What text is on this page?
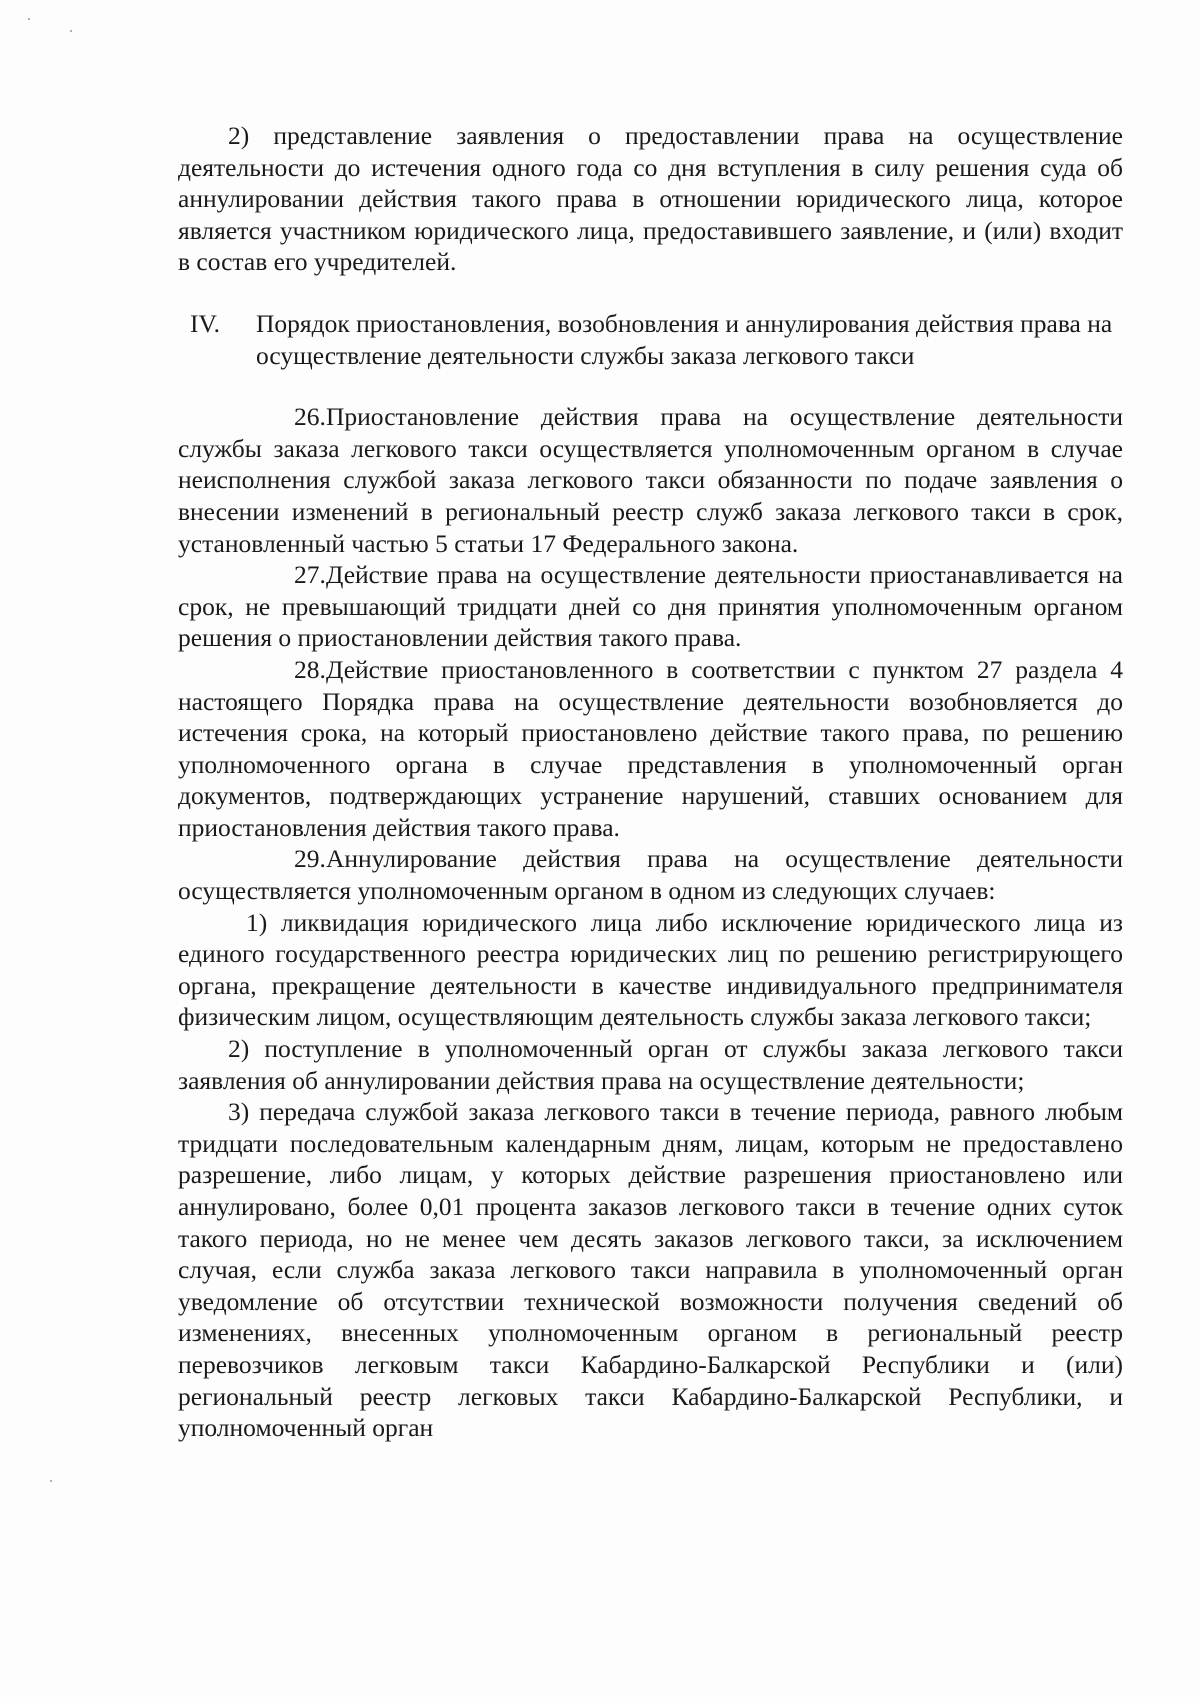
2) представление заявления о предоставлении права на осуществление деятельности до истечения одного года со дня вступления в силу решения суда об аннулировании действия такого права в отношении юридического лица, которое является участником юридического лица, предоставившего заявление, и (или) входит в состав его учредителей.

IV.	Порядок приостановления, возобновления и аннулирования действия права на осуществление деятельности службы заказа легкового такси

26.Приостановление действия права на осуществление деятельности службы заказа легкового такси осуществляется уполномоченным органом в случае неисполнения службой заказа легкового такси обязанности по подаче заявления о внесении изменений в региональный реестр служб заказа легкового такси в срок, установленный частью 5 статьи 17 Федерального закона.

27.Действие права на осуществление деятельности приостанавливается на срок, не превышающий тридцати дней со дня принятия уполномоченным органом решения о приостановлении действия такого права.

28.Действие приостановленного в соответствии с пунктом 27 раздела 4 настоящего Порядка права на осуществление деятельности возобновляется до истечения срока, на который приостановлено действие такого права, по решению уполномоченного органа в случае представления в уполномоченный орган документов, подтверждающих устранение нарушений, ставших основанием для приостановления действия такого права.

29.Аннулирование действия права на осуществление деятельности осуществляется уполномоченным органом в одном из следующих случаев:

1) ликвидация юридического лица либо исключение юридического лица из единого государственного реестра юридических лиц по решению регистрирующего органа, прекращение деятельности в качестве индивидуального предпринимателя физическим лицом, осуществляющим деятельность службы заказа легкового такси;

2) поступление в уполномоченный орган от службы заказа легкового такси заявления об аннулировании действия права на осуществление деятельности;

3) передача службой заказа легкового такси в течение периода, равного любым тридцати последовательным календарным дням, лицам, которым не предоставлено разрешение, либо лицам, у которых действие разрешения приостановлено или аннулировано, более 0,01 процента заказов легкового такси в течение одних суток такого периода, но не менее чем десять заказов легкового такси, за исключением случая, если служба заказа легкового такси направила в уполномоченный орган уведомление об отсутствии технической возможности получения сведений об изменениях, внесенных уполномоченным органом в региональный реестр перевозчиков легковым такси Кабардино-Балкарской Республики и (или) региональный реестр легковых такси Кабардино-Балкарской Республики, и уполномоченный орган
